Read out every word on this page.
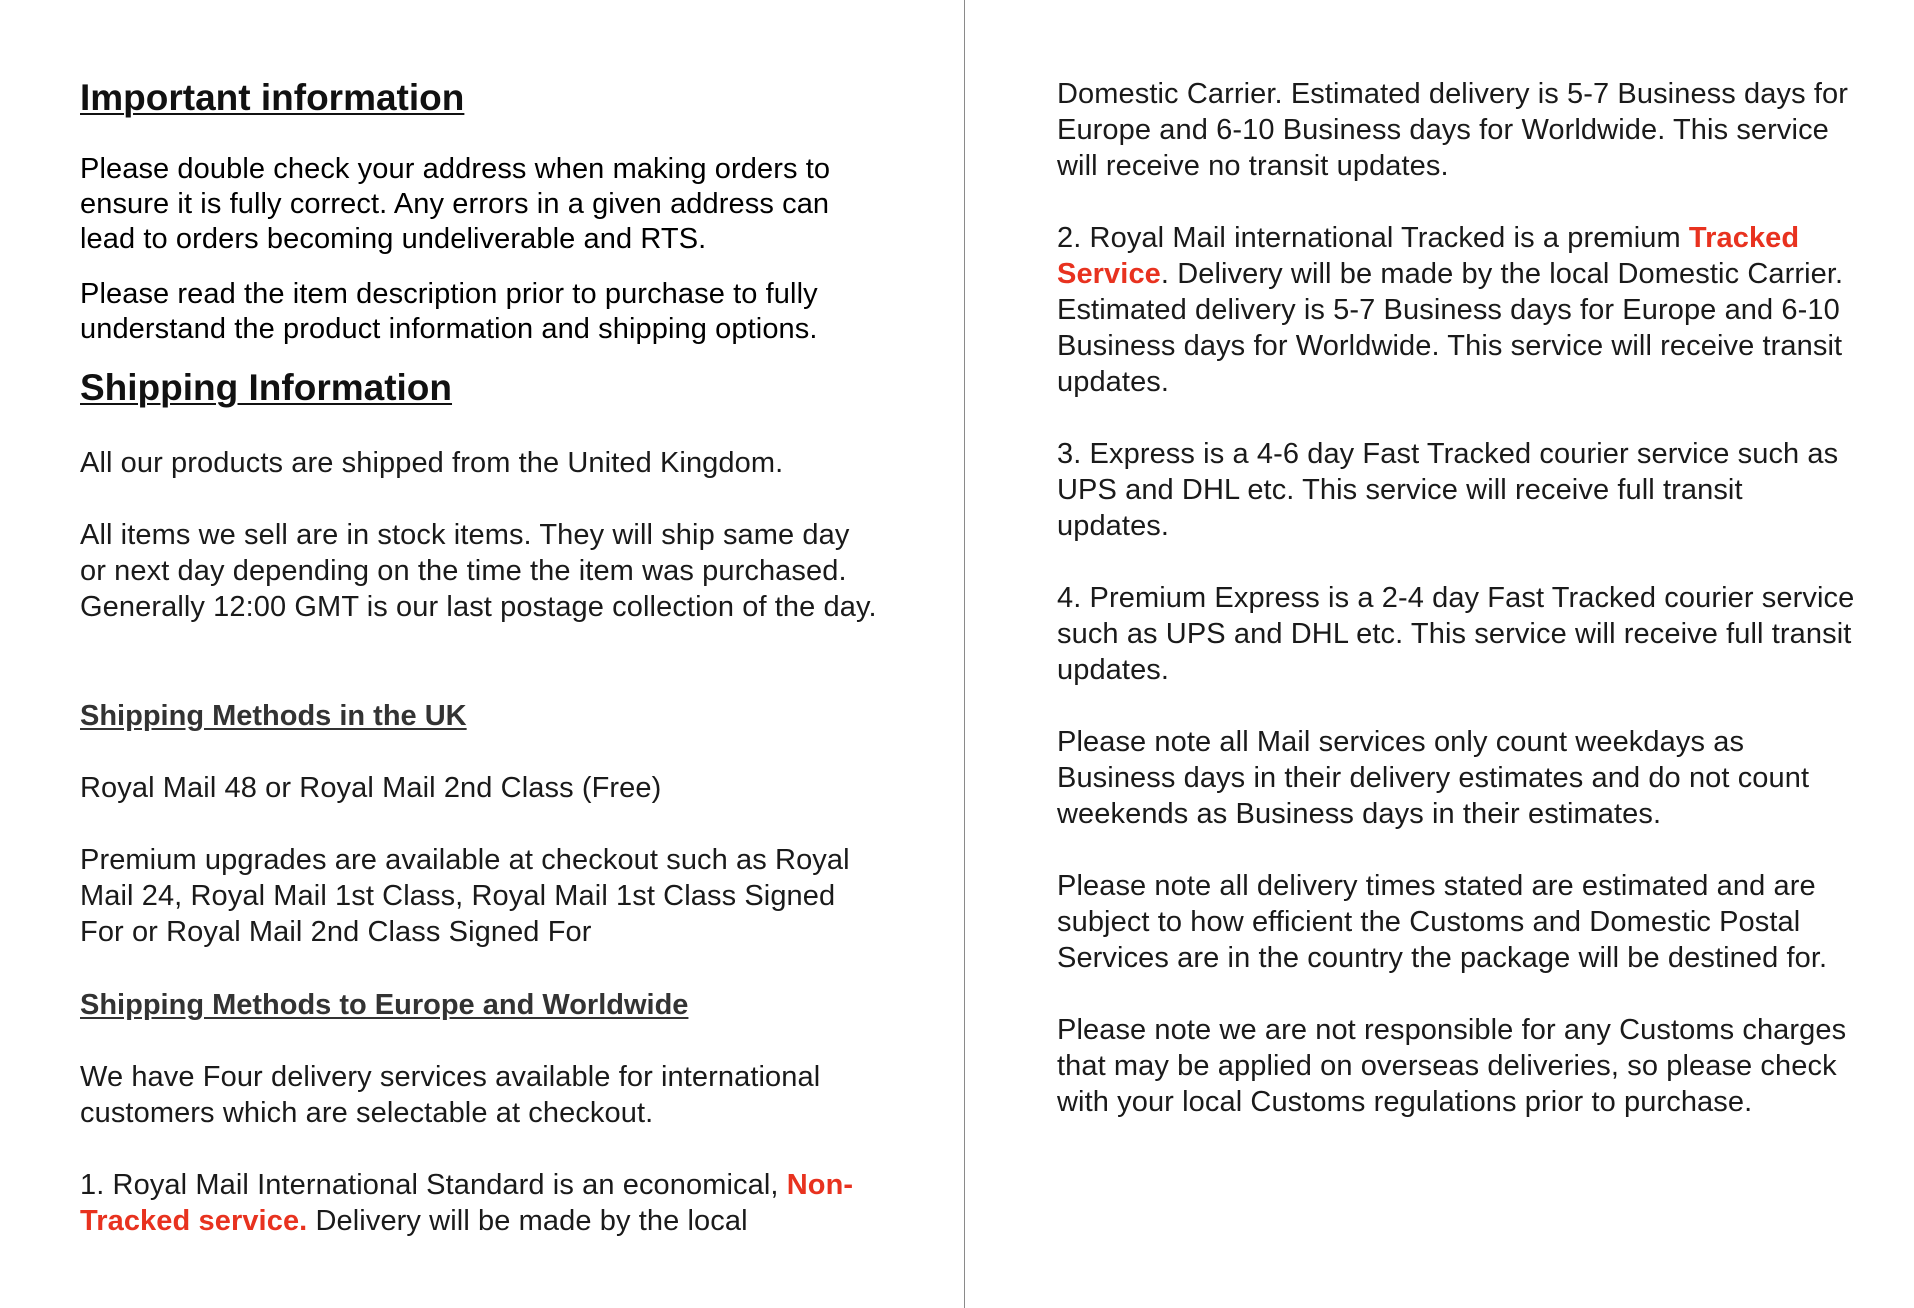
Important information

Please double check your address when making orders to ensure it is fully correct. Any errors in a given address can lead to orders becoming undeliverable and RTS.

Please read the item description prior to purchase to fully understand the product information and shipping options.

Shipping Information

All our products are shipped from the United Kingdom.

All items we sell are in stock items. They will ship same day or next day depending on the time the item was purchased. Generally 12:00 GMT is our last postage collection of the day.

Shipping Methods in the UK

Royal Mail 48 or Royal Mail 2nd Class (Free)

Premium upgrades are available at checkout such as Royal Mail 24, Royal Mail 1st Class, Royal Mail 1st Class Signed For or Royal Mail 2nd Class Signed For

Shipping Methods to Europe and Worldwide

We have Four delivery services available for international customers which are selectable at checkout.

1. Royal Mail International Standard is an economical, Non-Tracked service. Delivery will be made by the local

Domestic Carrier. Estimated delivery is 5-7 Business days for Europe and 6-10 Business days for Worldwide. This service will receive no transit updates.

2. Royal Mail international Tracked is a premium Tracked Service. Delivery will be made by the local Domestic Carrier. Estimated delivery is 5-7 Business days for Europe and 6-10 Business days for Worldwide. This service will receive transit updates.

3. Express is a 4-6 day Fast Tracked courier service such as UPS and DHL etc. This service will receive full transit updates.

4. Premium Express is a 2-4 day Fast Tracked courier service such as UPS and DHL etc. This service will receive full transit updates.

Please note all Mail services only count weekdays as Business days in their delivery estimates and do not count weekends as Business days in their estimates.

Please note all delivery times stated are estimated and are subject to how efficient the Customs and Domestic Postal Services are in the country the package will be destined for.

Please note we are not responsible for any Customs charges that may be applied on overseas deliveries, so please check with your local Customs regulations prior to purchase.
